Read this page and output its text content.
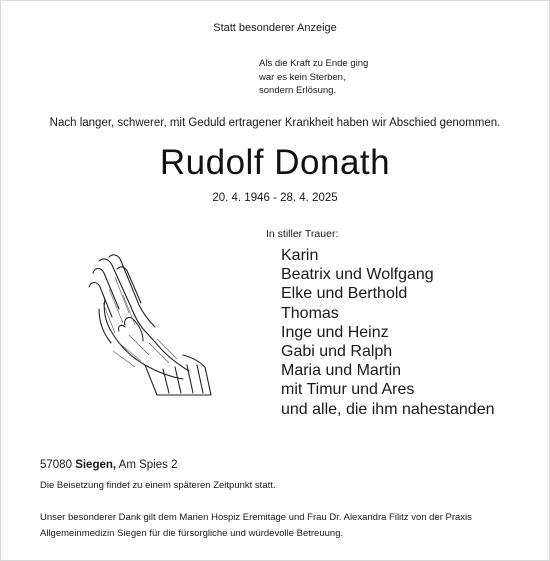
Statt besonderer Anzeige
Als die Kraft zu Ende ging
war es kein Sterben,
sondern Erlösung.
Nach langer, schwerer, mit Geduld ertragener Krankheit haben wir Abschied genommen.
Rudolf Donath
20. 4. 1946 - 28. 4. 2025
In stiller Trauer:
Karin
Beatrix und Wolfgang
Elke und Berthold
Thomas
Inge und Heinz
Gabi und Ralph
Maria und Martin
mit Timur und Ares
und alle, die ihm nahestanden
57080 Siegen, Am Spies 2
Die Beisetzung findet zu einem späteren Zeitpunkt statt.
Unser besonderer Dank gilt dem Marien Hospiz Eremitage und Frau Dr. Alexandra Filitz von der Praxis
Allgemeinmedizin Siegen für die fürsorgliche und würdevolle Betreuung.
